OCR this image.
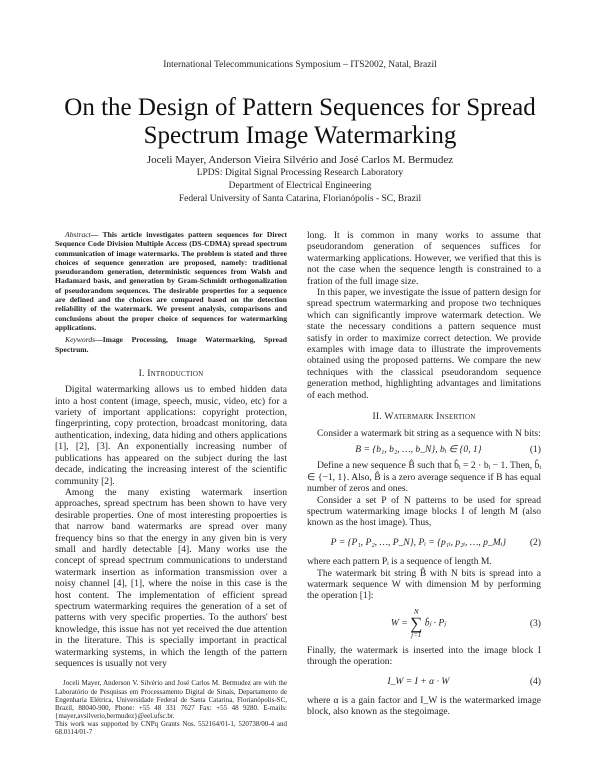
International Telecommunications Symposium – ITS2002, Natal, Brazil
On the Design of Pattern Sequences for Spread Spectrum Image Watermarking
Joceli Mayer, Anderson Vieira Silvério and José Carlos M. Bermudez
LPDS: Digital Signal Processing Research Laboratory
Department of Electrical Engineering
Federal University of Santa Catarina, Florianópolis - SC, Brazil

Abstract— This article investigates pattern sequences for Direct Sequence Code Division Multiple Access (DS-CDMA) spread spectrum communication of image watermarks. The problem is stated and three choices of sequence generation are proposed, namely: traditional pseudorandom generation, deterministic sequences from Walsh and Hadamard basis, and generation by Gram-Schmidt orthogonalization of pseudorandom sequences. The desirable properties for a sequence are defined and the choices are compared based on the detection reliability of the watermark. We present analysis, comparisons and conclusions about the proper choice of sequences for watermarking applications.

Keywords—Image Processing, Image Watermarking, Spread Spectrum.

I. Introduction

Digital watermarking allows us to embed hidden data into a host content (image, speech, music, video, etc) for a variety of important applications: copyright protection, fingerprinting, copy protection, broadcast monitoring, data authentication, indexing, data hiding and others applications [1], [2], [3]. An exponentially increasing number of publications has appeared on the subject during the last decade, indicating the increasing interest of the scientific community [2].

Among the many existing watermark insertion approaches, spread spectrum has been shown to have very desirable properties. One of most interesting propoerties is that narrow band watermarks are spread over many frequency bins so that the energy in any given bin is very small and hardly detectable [4]. Many works use the concept of spread spectrum communications to understand watermark insertion as information transmission over a noisy channel [4], [1], where the noise in this case is the host content. The implementation of efficient spread spectrum watermarking requires the generation of a set of patterns with very specific properties. To the authors' best knowledge, this issue has not yet received the due attention in the literature. This is specially important in practical watermarking systems, in which the length of the pattern sequences is usually not very

Joceli Mayer, Anderson V. Silvério and José Carlos M. Bermudez are with the Laboratório de Pesquisas em Processamento Digital de Sinais, Departamento de Engenharia Elétrica, Universidade Federal de Santa Catarina, Florianópolis-SC, Brazil, 88040-900, Phone: +55 48 331 7627 Fax: +55 48 9280. E-mails: {mayer,avsilverio,bermudez}@eel.ufsc.br.

This work was supported by CNPq Grants Nos. 552164/01-1, 520738/00-4 and 68.0114/01-7

long. It is common in many works to assume that pseudorandom generation of sequences suffices for watermarking applications. However, we verified that this is not the case when the sequence length is constrained to a fration of the full image size.

In this paper, we investigate the issue of pattern design for spread spectrum watermarking and propose two techniques which can significantly improve watermark detection. We state the necessary conditions a pattern sequence must satisfy in order to maximize correct detection. We provide examples with image data to illustrate the improvements obtained using the proposed patterns. We compare the new techniques with the classical pseudorandom sequence generation method, highlighting advantages and limitations of each method.

II. Watermark Insertion

Consider a watermark bit string as a sequence with N bits:

B = {b₁, b₂, …, b_N}, bᵢ ∈ {0, 1}	(1)

Define a new sequence B̂ such that b̂ᵢ = 2 · bᵢ − 1. Then, b̂ᵢ ∈ {−1, 1}. Also, B̂ is a zero average sequence if B has equal number of zeros and ones.

Consider a set P of N patterns to be used for spread spectrum watermarking image blocks I of length M (also known as the host image). Thus,

P = {P₁, P₂, …, P_N}, Pᵢ = {p₁ᵢ, p₂ᵢ, …, p_Mᵢ}	(2)

where each pattern Pᵢ is a sequence of length M.

The watermark bit string B̂ with N bits is spread into a watermark sequence W with dimension M by performing the operation [1]:

W =
N
∑
j=1
b̂ⱼ · Pⱼ	(3)

Finally, the watermark is inserted into the image block I through the operation:

I_W = I + α · W	(4)

where α is a gain factor and I_W is the watermarked image block, also known as the stegoimage.
